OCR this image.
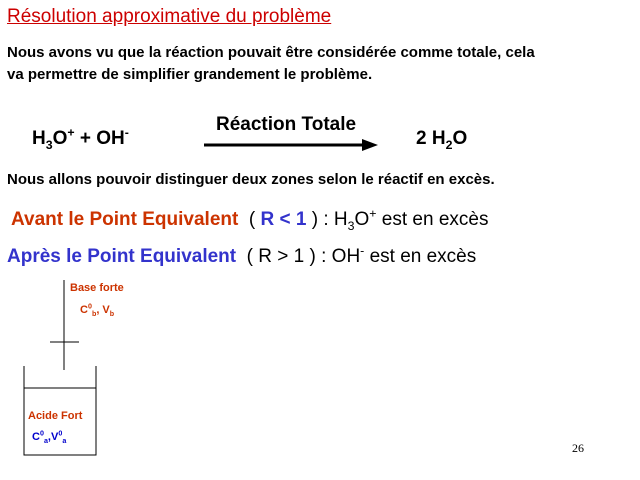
Résolution approximative du problème
Nous avons vu que la réaction pouvait être considérée comme totale, cela
va permettre de simplifier grandement le problème.
Réaction Totale
$H_3O^+ + OH^-$	2 $H_2O$
Nous allons pouvoir distinguer deux zones selon le réactif en excès.
Avant le Point Equivalent ( R < 1 ) : $H_3O^+$ est en excès
Après le Point Equivalent ( R > 1 ) : OH- est en excès
Base forte
$C^0_b$, $V_b$
Acide Fort
$C^0_a,V^0_a$	26
